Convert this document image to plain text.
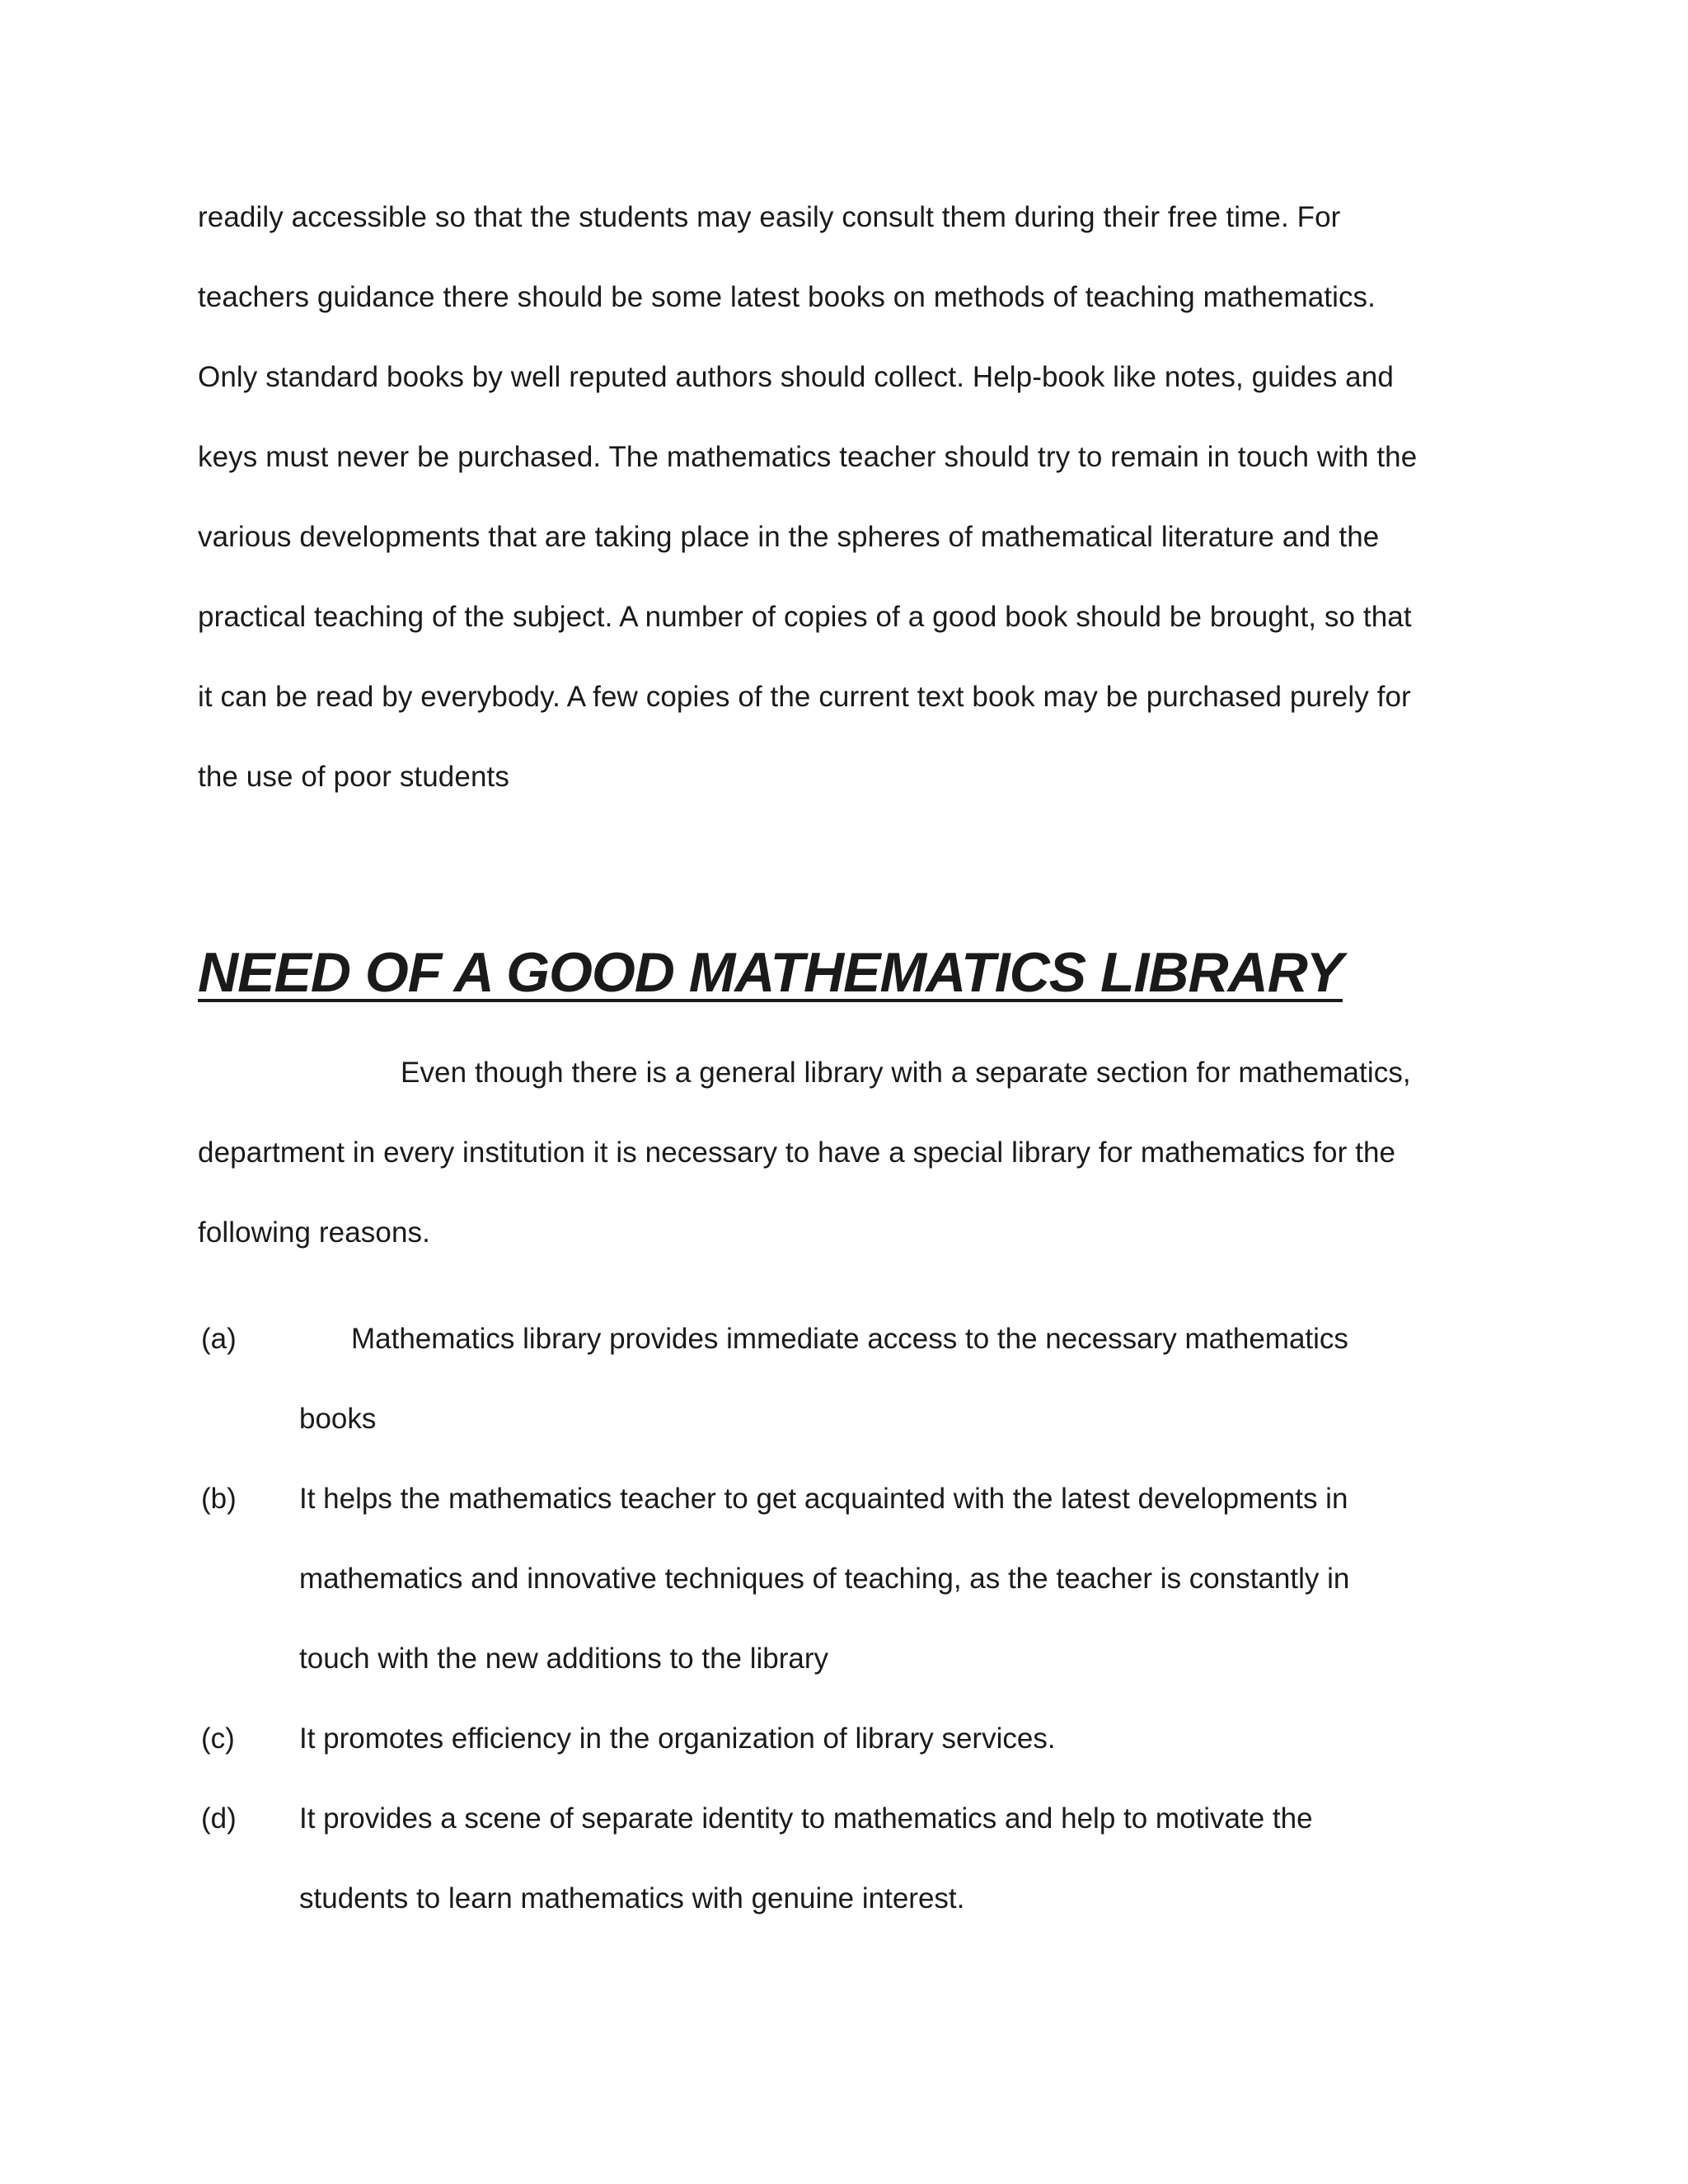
readily accessible so that the students may easily consult them during their free time. For
teachers guidance there should be some latest books on methods of teaching mathematics.
Only standard books by well reputed authors should collect. Help-book like notes, guides and
keys must never be purchased. The mathematics teacher should try to remain in touch with the
various developments that are taking place in the spheres of mathematical literature and the
practical teaching of the subject. A number of copies of a good book should be brought, so that
it can be read by everybody. A few copies of the current text book may be purchased purely for
the use of poor students
NEED OF A GOOD MATHEMATICS LIBRARY
Even though there is a general library with a separate section for mathematics,
department in every institution it is necessary to have a special library for mathematics for the
following reasons.
(a)	Mathematics library provides immediate access to the necessary mathematics
books
(b) It helps the mathematics teacher to get acquainted with the latest developments in
mathematics and innovative techniques of teaching, as the teacher is constantly in
touch with the new additions to the library
(c) It promotes efficiency in the organization of library services.
(d) It provides a scene of separate identity to mathematics and help to motivate the
students to learn mathematics with genuine interest.
